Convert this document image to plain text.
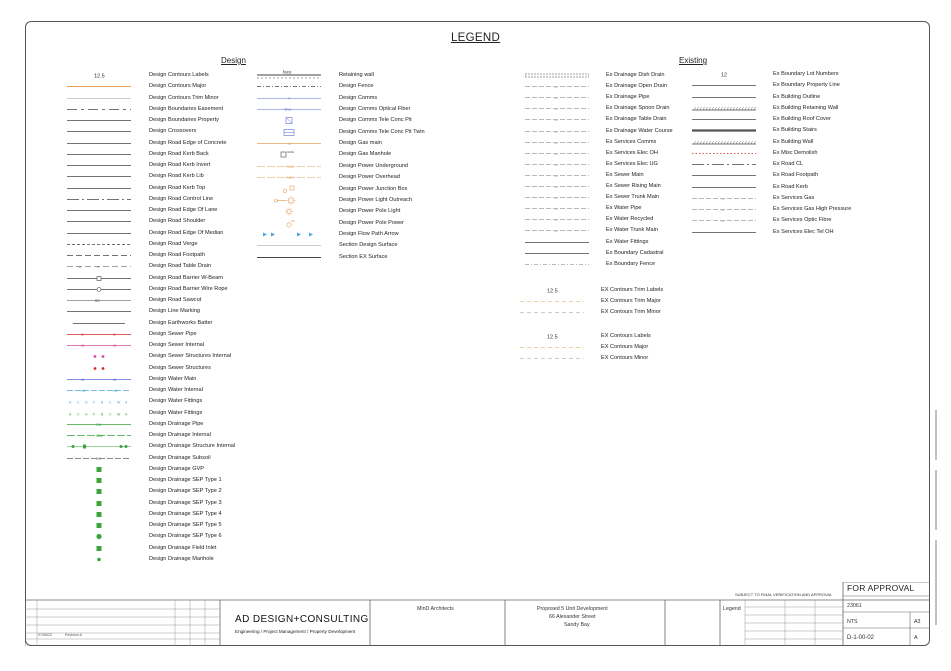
LEGEND
Design	Existing
12.5	Design Contours Labels
Design Contours Major
Design Contours Trim Minor
Design Boundaries Easement
Design Boundaries Property
Design Crossovers
Design Road Edge of Concrete
Design Road Kerb Back
Design Road Kerb Invert
Design Road Kerb Lib
Design Road Kerb Top
Design Road Control Line
Design Road Edge Of Lane
Design Road Shoulder
Design Road Edge Of Median
Design Road Verge
Design Road Footpath
>	>	Design Road Table Drain
Design Road Barrier W-Beam
Design Road Barrier Wire Rope
SC	Design Road Sawcut
Design Line Marking
Design Earthworks Batter
S	S	Design Sewer Pipe
IS	IS	Design Sewer Internal
Design Sewer Structures Internal
Design Sewer Structures
W	W	Design Water Main
IW	IW	Design Water Internal
A C H F B C W A	Design Water Fittings
A C H F B C W A	Design Water Fittings
SW	Design Drainage Pipe
ISW	Design Drainage Internal
Design Drainage Structure Internal
SS	Design Drainage Subsoil
Design Drainage GVP
Design Drainage SEP Type 1
Design Drainage SEP Type 2
Design Drainage SEP Type 3
Design Drainage SEP Type 4
Design Drainage SEP Type 5
Design Drainage SEP Type 6
Design Drainage Field Inlet
Design Drainage Manhole
face	Retaining wall
Design Fence
T	Design Comms
TFO	Design Comms Optical Fiber
Design Comms Tele Conc Pit
Design Comms Tele Conc Pit Twin
G	Design Gas main
GMH	Design Gas Manhole
PUG	Design Power Underground
POH	Design Power Overhead
Design Power Junction Box
Design Power Light Outreach
Design Power Pole Light
PP	Design Power Pole Power
Design Flow Path Arrow
Section Design Surface
Section EX Surface
Ex Drainage Dish Drain
—	Ex Drainage Open Drain
—	Ex Drainage Pipe
—	Ex Drainage Spoon Drain
—	Ex Drainage Table Drain
—	Ex Drainage Water Course
—	Ex Services Comms
—	Ex Services Elec OH
—	Ex Services Elec UG
—	Ex Sewer Main
—	Ex Sewer Rising Main
—	Ex Sewer Trunk Main
—	Ex Water Pipe
—	Ex Water Recycled
—	Ex Water Trunk Main
Ex Water Fittings
Ex Boundary Cadastral
Ex Boundary Fence
12.5	EX Contours Trim Labels
EX Contours Trim Major
EX Contours Trim Minor
12.5	EX Contours Labels
EX Contours Major
EX Contours Minor
12	Ex Boundary Lot Numbers
Ex Boundary Property Line
Ex Building Outline
Ex Building Retaining Wall
Ex Building Roof Cover
Ex Building Stairs
Ex Building Wall
Ex Misc Demolish
Ex Road CL
Ex Road Footpath
Ex Road Kerb
—	Ex Services Gas
—	Ex Services Gas High Pressure
—	Ex Services Optic Fibre
Ex Services Elec Tel OH
AD DESIGN+CONSULTING
Engineering / Project Management / Property Development
MinD Architects	Proposed 5 Unit Development
66 Alexander Street
Sandy Bay
Legend
SUBJECT TO FINAL VERIFICATION AND APPROVAL
FOR APPROVAL
23061
NTS	A3
D-1-00-02	A
07/08/23	Revision A
